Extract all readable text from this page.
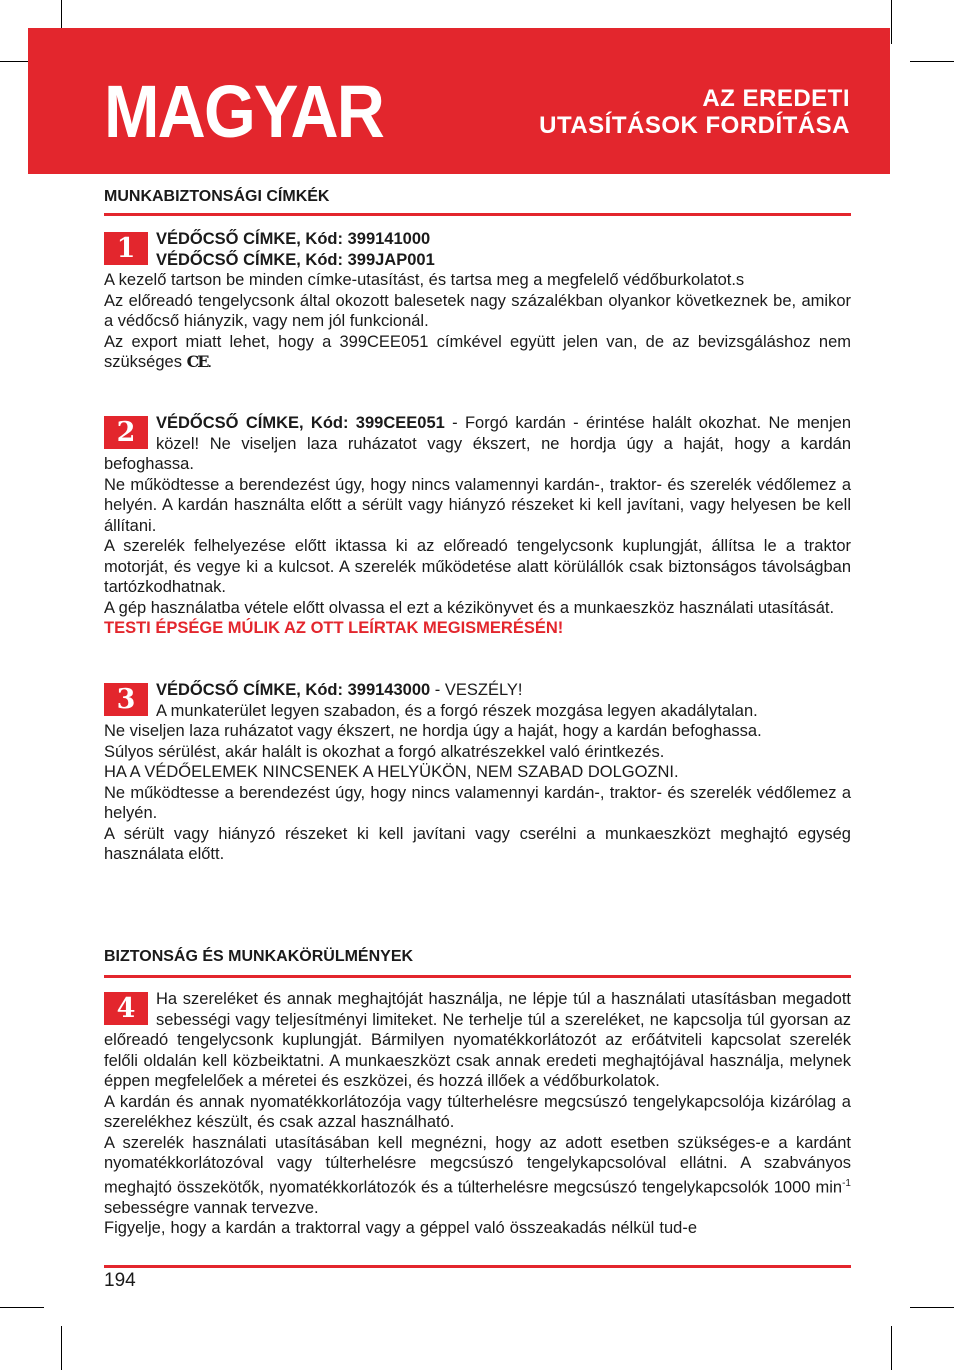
MAGYAR	AZ EREDETI
UTASÍTÁSOK FORDÍTÁSA
MUNKABIZTONSÁGI CÍMKÉK
1	VÉDŐCSŐ CÍMKE, Kód: 399141000
VÉDŐCSŐ CÍMKE, Kód: 399JAP001

A kezelő tartson be minden címke-utasítást, és tartsa meg a megfelelő védőburkolatot.s

Az előreadó tengelycsonk által okozott balesetek nagy százalékban olyankor következnek be, amikor a védőcső hiányzik, vagy nem jól funkcionál.

Az export miatt lehet, hogy a 399CEE051 címkével együtt jelen van, de az bevizsgáláshoz nem szükséges CE.

2	VÉDŐCSŐ CÍMKE, Kód: 399CEE051 - Forgó kardán - érintése halált okozhat. Ne menjen közel! Ne viseljen laza ruházatot vagy ékszert, ne hordja úgy a haját, hogy a kardán befoghassa.

Ne működtesse a berendezést úgy, hogy nincs valamennyi kardán-, traktor- és szerelék védőlemez a helyén. A kardán használta előtt a sérült vagy hiányzó részeket ki kell javítani, vagy helyesen be kell állítani.

A szerelék felhelyezése előtt iktassa ki az előreadó tengelycsonk kuplungját, állítsa le a traktor motorját, és vegye ki a kulcsot. A szerelék működetése alatt körülállók csak biztonságos távolságban tartózkodhatnak.

A gép használatba vétele előtt olvassa el ezt a kézikönyvet és a munkaeszköz használati utasítását.

TESTI ÉPSÉGE MÚLIK AZ OTT LEÍRTAK MEGISMERÉSÉN!

3	VÉDŐCSŐ CÍMKE, Kód: 399143000 - VESZÉLY!

A munkaterület legyen szabadon, és a forgó részek mozgása legyen akadálytalan.

Ne viseljen laza ruházatot vagy ékszert, ne hordja úgy a haját, hogy a kardán befoghassa.

Súlyos sérülést, akár halált is okozhat a forgó alkatrészekkel való érintkezés.

HA A VÉDŐELEMEK NINCSENEK A HELYÜKÖN, NEM SZABAD DOLGOZNI.

Ne működtesse a berendezést úgy, hogy nincs valamennyi kardán-, traktor- és szerelék védőlemez a helyén.

A sérült vagy hiányzó részeket ki kell javítani vagy cserélni a munkaeszközt meghajtó egység használata előtt.

BIZTONSÁG ÉS MUNKAKÖRÜLMÉNYEK
4	Ha szereléket és annak meghajtóját használja, ne lépje túl a használati utasításban megadott sebességi vagy teljesítményi limiteket. Ne terhelje túl a szereléket, ne kapcsolja túl gyorsan az előreadó tengelycsonk kuplungját. Bármilyen nyomatékkorlátozót az erőátviteli kapcsolat szerelék felőli oldalán kell közbeiktatni. A munkaeszközt csak annak eredeti meghajtójával használja, melynek éppen megfelelőek a méretei és eszközei, és hozzá illőek a védőburkolatok.

A kardán és annak nyomatékkorlátozója vagy túlterhelésre megcsúszó tengelykapcsolója kizárólag a szerelékhez készült, és csak azzal használható.

A szerelék használati utasításában kell megnézni, hogy az adott esetben szükséges-e a kardánt nyomatékkorlátozóval vagy túlterhelésre megcsúszó tengelykapcsolóval ellátni. A szabványos meghajtó összekötők, nyomatékkorlátozók és a túlterhelésre megcsúszó tengelykapcsolók 1000 $\min^{-1}$ sebességre vannak tervezve.

Figyelje, hogy a kardán a traktorral vagy a géppel való összeakadás nélkül tud-e

194
